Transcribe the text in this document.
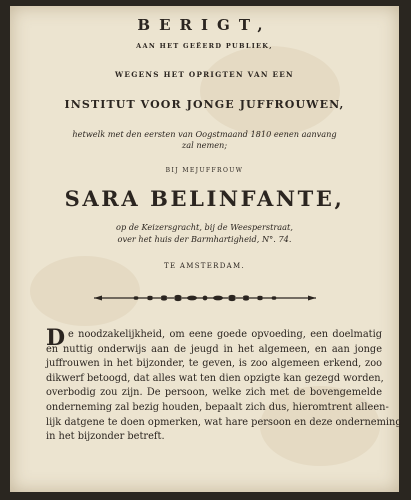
BERIGT,
AAN HET GEËERD PUBLIEK,
WEGENS HET OPRIGTEN VAN EEN
INSTITUT VOOR JONGE JUFFROUWEN,
hetwelk met den eersten van Oogstmaand 1810 eenen aanvang
zal nemen;
BIJ MEJUFFROUW
SARA BELINFANTE,
op de Keizersgracht, bij de Weesperstraat,
over het huis der Barmhartigheid, N°. 74.
TE AMSTERDAM.
D e noodzakelijkheid, om eene goede opvoeding, een doelmatig
en nuttig onderwijs aan de jeugd in het algemeen, en aan jonge
juffrouwen in het bijzonder, te geven, is zoo algemeen erkend, zoo
dikwerf betoogd, dat alles wat ten dien opzigte kan gezegd worden,
overbodig zou zijn. De persoon, welke zich met de bovengemelde
onderneming zal bezig houden, bepaalt zich dus, hieromtrent alleen-
lijk datgene te doen opmerken, wat hare persoon en deze onderneming
in het bijzonder betreft.
